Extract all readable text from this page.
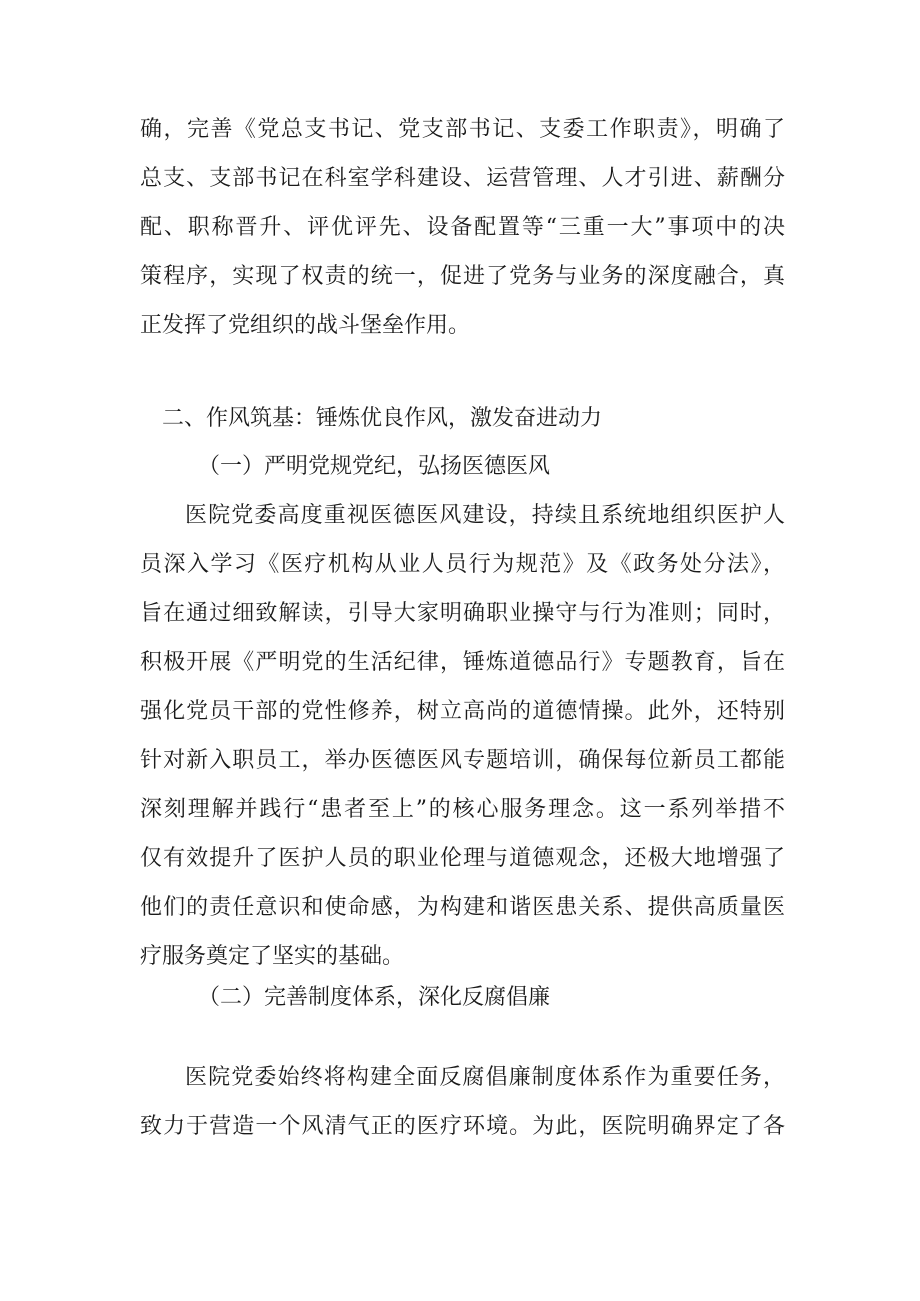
确，完善《党总支书记、党支部书记、支委工作职责》，明确了
总支、支部书记在科室学科建设、运营管理、人才引进、薪酬分
配、职称晋升、评优评先、设备配置等“三重一大”事项中的决
策程序，实现了权责的统一，促进了党务与业务的深度融合，真
正发挥了党组织的战斗堡垒作用。
二、作风筑基：锤炼优良作风，激发奋进动力
（一）严明党规党纪，弘扬医德医风
医院党委高度重视医德医风建设，持续且系统地组织医护人
员深入学习《医疗机构从业人员行为规范》及《政务处分法》，
旨在通过细致解读，引导大家明确职业操守与行为准则；同时，
积极开展《严明党的生活纪律，锤炼道德品行》专题教育，旨在
强化党员干部的党性修养，树立高尚的道德情操。此外，还特别
针对新入职员工，举办医德医风专题培训，确保每位新员工都能
深刻理解并践行“患者至上”的核心服务理念。这一系列举措不
仅有效提升了医护人员的职业伦理与道德观念，还极大地增强了
他们的责任意识和使命感，为构建和谐医患关系、提供高质量医
疗服务奠定了坚实的基础。
（二）完善制度体系，深化反腐倡廉
医院党委始终将构建全面反腐倡廉制度体系作为重要任务，
致力于营造一个风清气正的医疗环境。为此，医院明确界定了各
